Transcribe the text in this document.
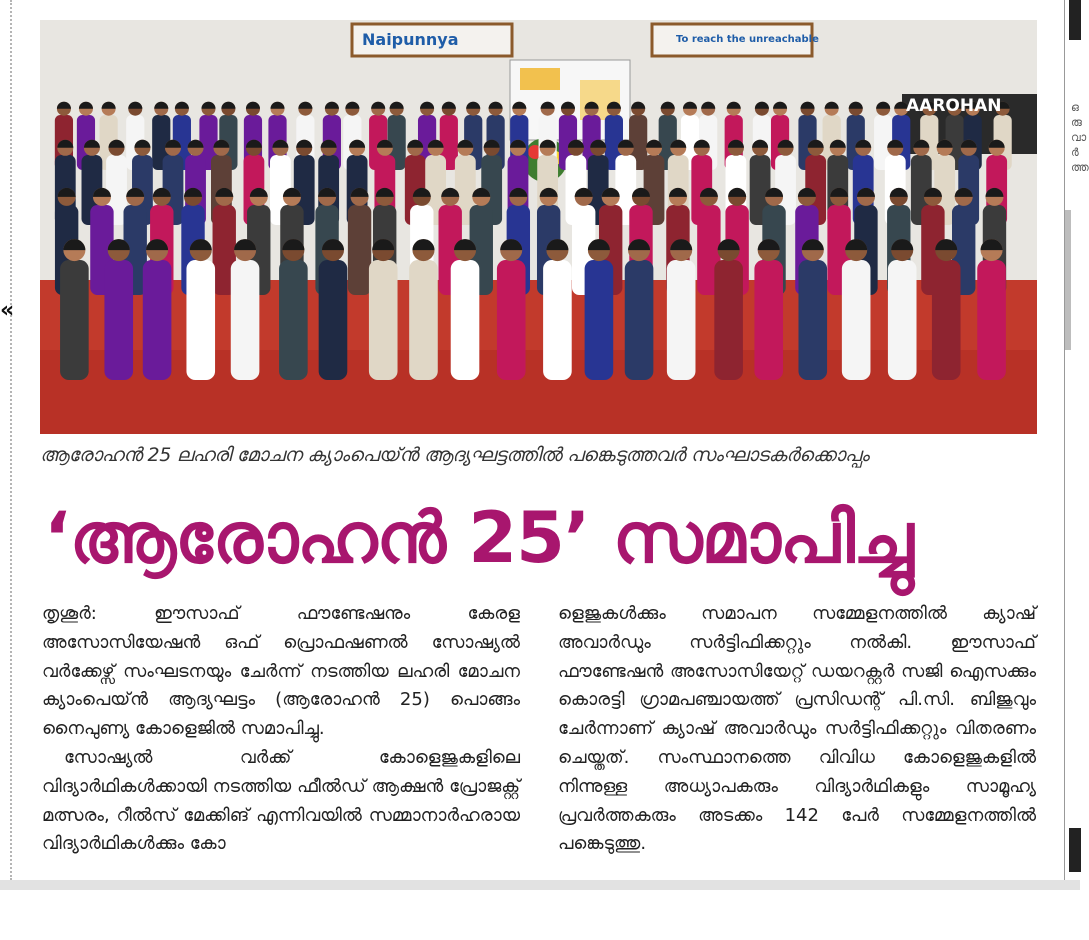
«
ഒരു വാർത്ത
Naipunnya	To reach the unreachable
AAROHAN
ആരോഹൻ 25 ലഹരി മോചന ക്യാംപെയ്ൻ ആദ്യഘട്ടത്തിൽ പങ്കെടുത്തവർ സംഘാടകർക്കൊപ്പം
‘ആരോഹൻ 25’ സമാപിച്ചു

തൃശൂർ: ഈസാഫ് ഫൗണ്ടേഷനും കേരള അസോസിയേഷൻ ഒഫ് പ്രൊഫഷണൽ സോഷ്യൽ വർക്കേഴ്സ് സംഘടനയും ചേർന്ന് നടത്തിയ ലഹരി മോചന ക്യാംപെയ്ൻ ആദ്യഘട്ടം (ആരോഹൻ 25) പൊങ്ങം നൈപുണ്യ കോളെജിൽ സമാപിച്ചു.

സോഷ്യൽ വർക്ക് കോളെജുകളിലെ വിദ്യാർഥികൾക്കായി നടത്തിയ ഫീൽഡ് ആക്ഷൻ പ്രോജക്റ്റ് മത്സരം, റീൽസ് മേക്കിങ് എന്നിവയിൽ സമ്മാനാർഹരായ വിദ്യാർഥികൾക്കും കോ

ളെജുകൾക്കും സമാപന സമ്മേളനത്തിൽ ക്യാഷ് അവാർഡും സർട്ടിഫിക്കറ്റും നൽകി. ഈസാഫ് ഫൗണ്ടേഷൻ അസോസിയേറ്റ് ഡയറക്റ്റർ സജി ഐസക്കും കൊരട്ടി ഗ്രാമപഞ്ചായത്ത് പ്രസിഡന്റ് പി.സി. ബിജുവും ചേർന്നാണ് ക്യാഷ് അവാർഡും സർട്ടിഫിക്കറ്റും വിതരണം ചെയ്തത്. സംസ്ഥാനത്തെ വിവിധ കോളെജുകളിൽ നിന്നുള്ള അധ്യാപകരും വിദ്യാർഥികളും സാമൂഹ്യ പ്രവർത്തകരും അടക്കം 142 പേർ സമ്മേളനത്തിൽ പങ്കെടുത്തു.
